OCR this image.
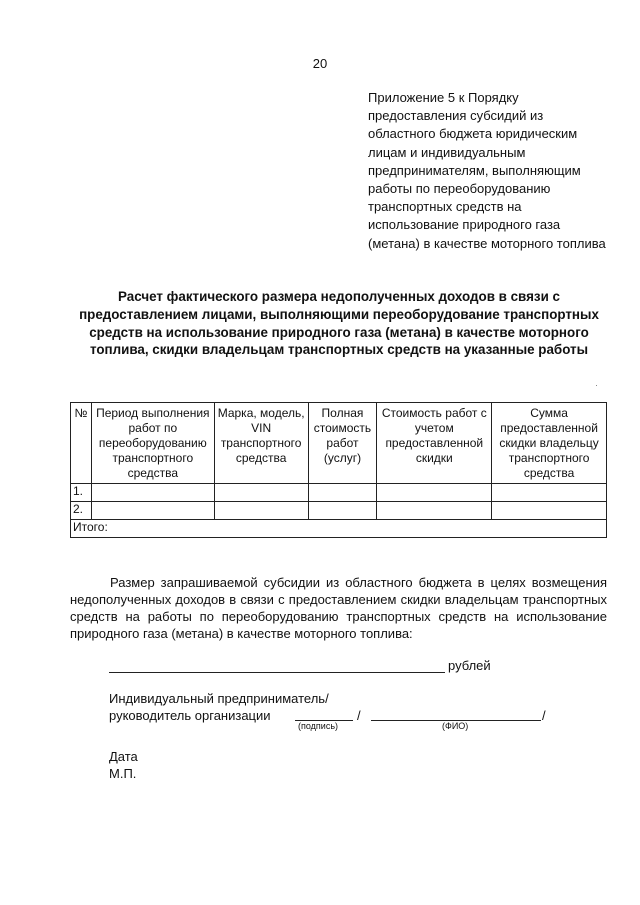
20
Приложение 5 к Порядку предоставления субсидий из областного бюджета юридическим лицам и индивидуальным предпринимателям, выполняющим работы по переоборудованию транспортных средств на использование природного газа (метана) в качестве моторного топлива
Расчет фактического размера недополученных доходов в связи с предоставлением лицами, выполняющими переоборудование транспортных средств на использование природного газа (метана) в качестве моторного топлива, скидки владельцам транспортных средств на указанные работы
№	Период выполнения работ по переоборудованию транспортного средства	Марка, модель, VIN транспортного средства	Полная стоимость работ (услуг)	Стоимость работ с учетом предоставленной скидки	Сумма предоставленной скидки владельцу транспортного средства
1.					
2.					
Итого:					

Размер запрашиваемой субсидии из областного бюджета в целях возмещения недополученных доходов в связи с предоставлением скидки владельцам транспортных средств на работы по переоборудованию транспортных средств на использование природного газа (метана) в качестве моторного топлива:

рублей
Индивидуальный предприниматель/
руководитель организации	/	/
(подпись)	(ФИО)
Дата
М.П.
